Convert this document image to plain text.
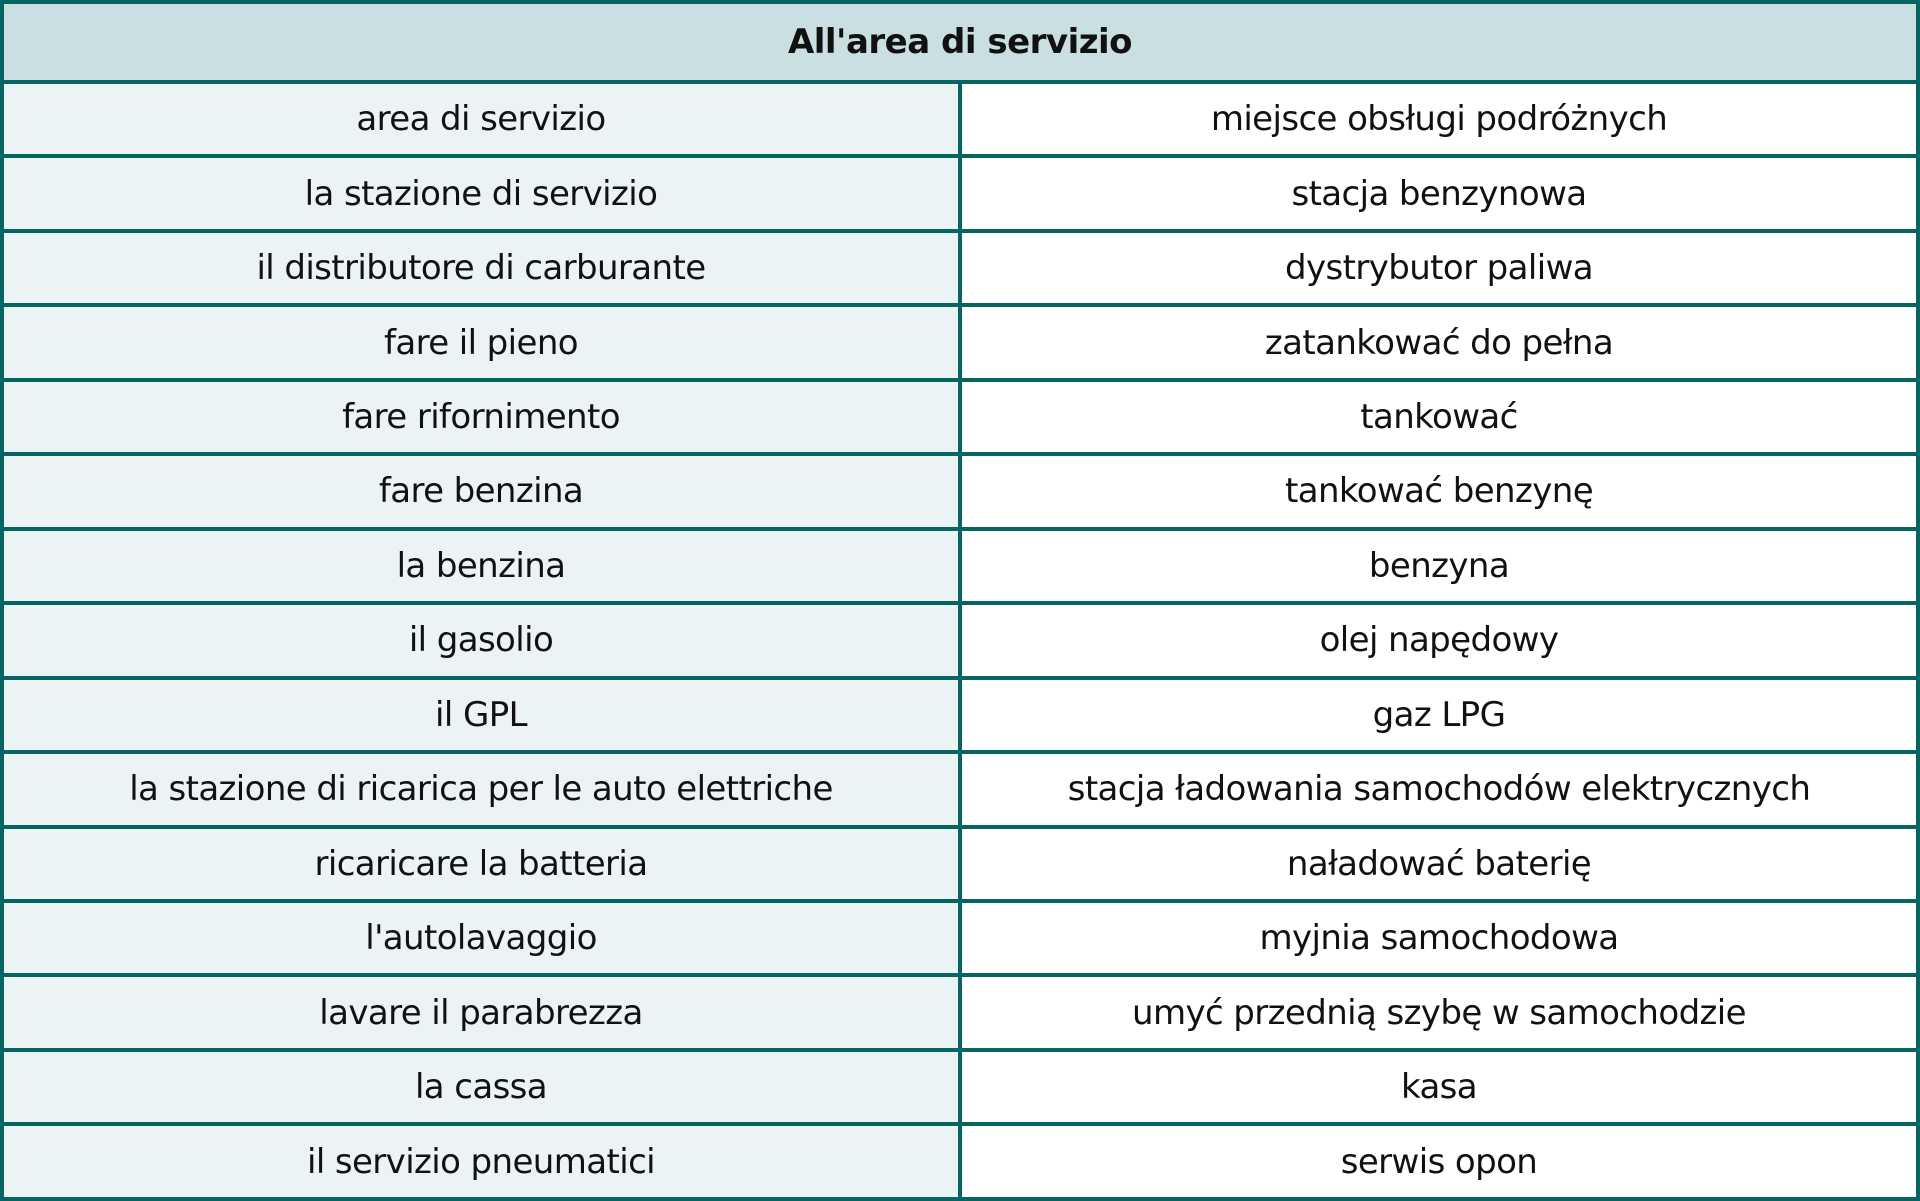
All'area di servizio	
area di servizio	miejsce obsługi podróżnych
la stazione di servizio	stacja benzynowa
il distributore di carburante	dystrybutor paliwa
fare il pieno	zatankować do pełna
fare rifornimento	tankować
fare benzina	tankować benzynę
la benzina	benzyna
il gasolio	olej napędowy
il GPL	gaz LPG
la stazione di ricarica per le auto elettriche	stacja ładowania samochodów elektrycznych
ricaricare la batteria	naładować baterię
l'autolavaggio	myjnia samochodowa
lavare il parabrezza	umyć przednią szybę w samochodzie
la cassa	kasa
il servizio pneumatici	serwis opon
